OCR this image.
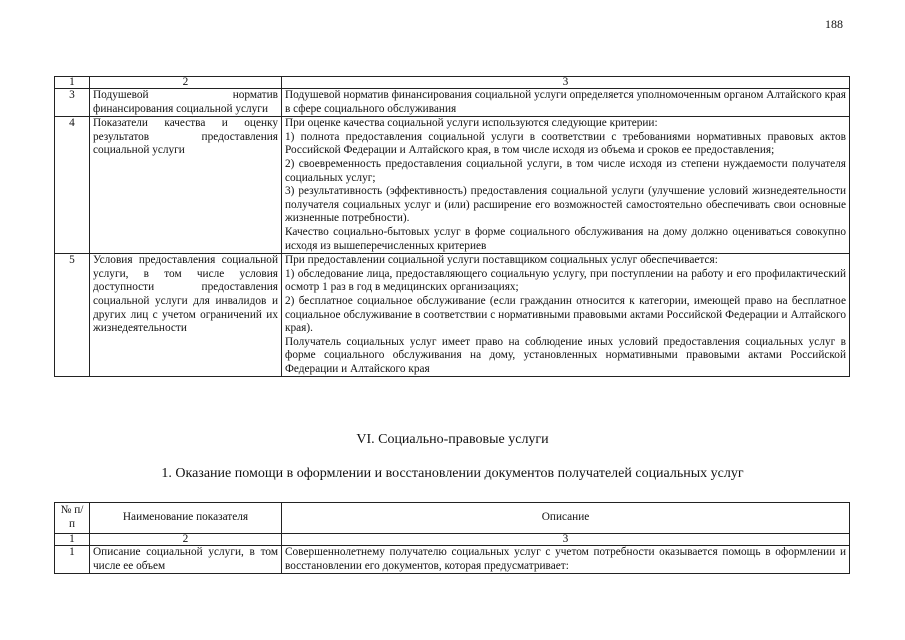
188
1	2	3
3	Подушевой норматив финансирования социальной услуги	Подушевой норматив финансирования социальной услуги определяется уполномоченным органом Алтайского края в сфере социального обслуживания

4	Показатели качества и оценку результатов предоставления социальной услуги	При оценке качества социальной услуги используются следующие критерии:
1) полнота предоставления социальной услуги в соответствии с требованиями нормативных правовых актов Российской Федерации и Алтайского края, в том числе исходя из объема и сроков ее предоставления;
2) своевременность предоставления социальной услуги, в том числе исходя из степени нуждаемости получателя социальных услуг;
3) результативность (эффективность) предоставления социальной услуги (улучшение условий жизнедеятельности получателя социальных услуг и (или) расширение его возможностей самостоятельно обеспечивать свои основные жизненные потребности).
Качество социально-бытовых услуг в форме социального обслуживания на дому должно оцениваться совокупно исходя из вышеперечисленных критериев

5	Условия предоставления социальной услуги, в том числе условия доступности предоставления социальной услуги для инвалидов и других лиц с учетом ограничений их жизнедеятельности	При предоставлении социальной услуги поставщиком социальных услуг обеспечивается:
1) обследование лица, предоставляющего социальную услугу, при поступлении на работу и его профилактический осмотр 1 раз в год в медицинских организациях;
2) бесплатное социальное обслуживание (если гражданин относится к категории, имеющей право на бесплатное социальное обслуживание в соответствии с нормативными правовыми актами Российской Федерации и Алтайского края).
Получатель социальных услуг имеет право на соблюдение иных условий предоставления социальных услуг в форме социального обслуживания на дому, установленных нормативными правовыми актами Российской Федерации и Алтайского края
VI. Социально-правовые услуги
1. Оказание помощи в оформлении и восстановлении документов получателей социальных услуг
№ п/п	Наименование показателя	Описание
1	2	3
1	Описание социальной услуги, в том числе ее объем	Совершеннолетнему получателю социальных услуг с учетом потребности оказывается помощь в оформлении и восстановлении его документов, которая предусматривает:
